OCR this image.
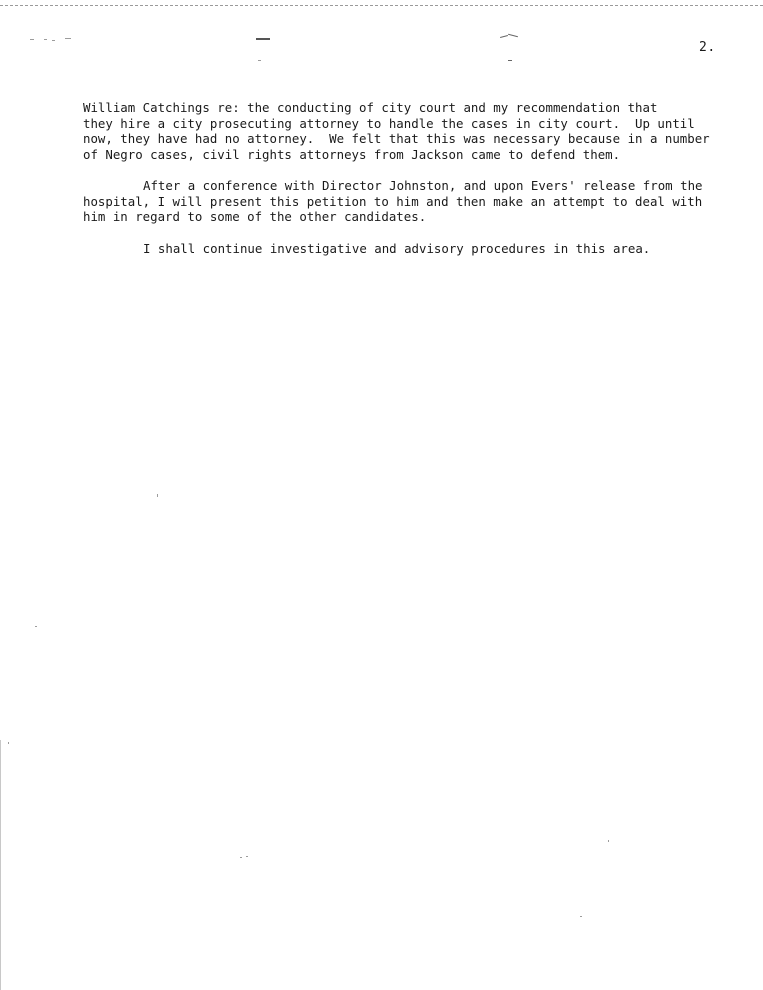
2.
William Catchings re: the conducting of city court and my recommendation that
they hire a city prosecuting attorney to handle the cases in city court.  Up until
now, they have had no attorney.  We felt that this was necessary because in a number
of Negro cases, civil rights attorneys from Jackson came to defend them.
After a conference with Director Johnston, and upon Evers' release from the
hospital, I will present this petition to him and then make an attempt to deal with
him in regard to some of the other candidates.
I shall continue investigative and advisory procedures in this area.
